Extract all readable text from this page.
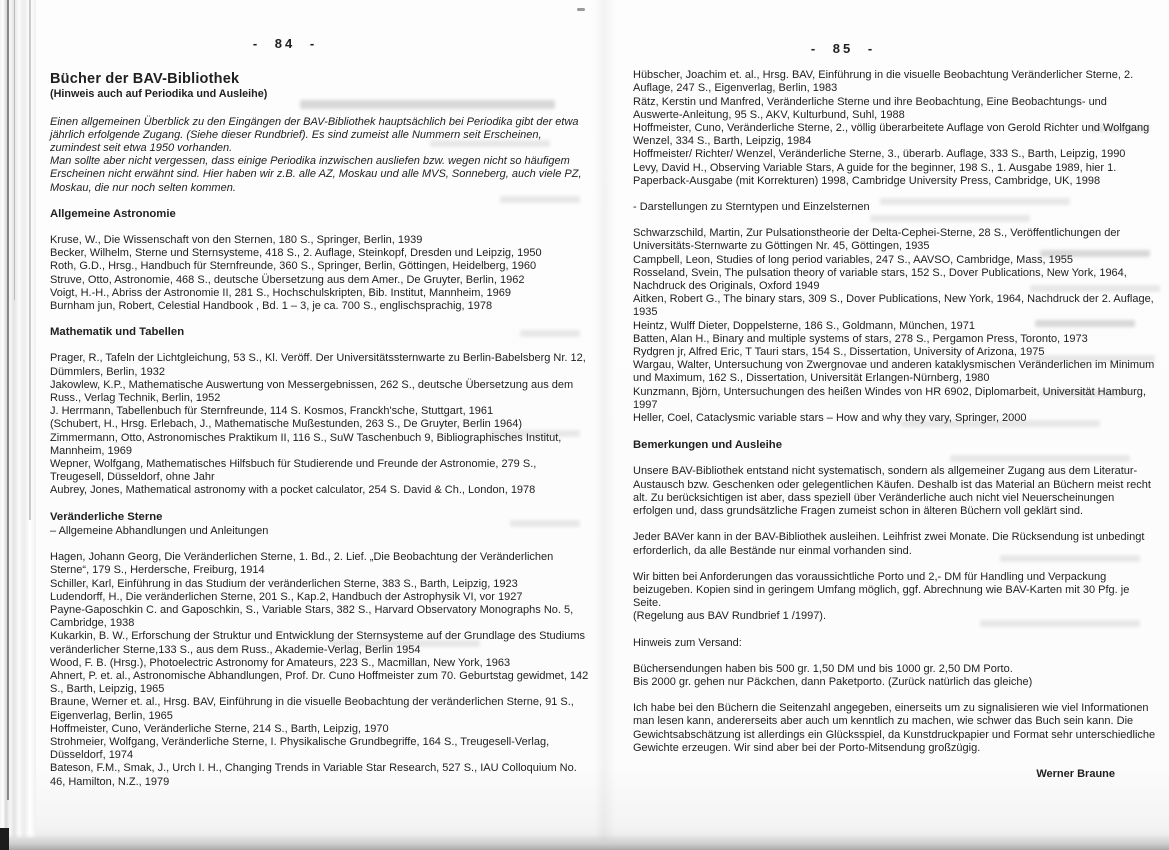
- 84 -
Bücher der BAV-Bibliothek
(Hinweis auch auf Periodika und Ausleihe)

Einen allgemeinen Überblick zu den Eingängen der BAV-Bibliothek hauptsächlich bei Periodika gibt der etwa jährlich erfolgende Zugang. (Siehe dieser Rundbrief). Es sind zumeist alle Nummern seit Erscheinen, zumindest seit etwa 1950 vorhanden.

Man sollte aber nicht vergessen, dass einige Periodika inzwischen ausliefen bzw. wegen nicht so häufigem Erscheinen nicht erwähnt sind. Hier haben wir z.B. alle AZ, Moskau und alle MVS, Sonneberg, auch viele PZ, Moskau, die nur noch selten kommen.

Allgemeine Astronomie
Kruse, W., Die Wissenschaft von den Sternen, 180 S., Springer, Berlin, 1939
Becker, Wilhelm, Sterne und Sternsysteme, 418 S., 2. Auflage, Steinkopf, Dresden und Leipzig, 1950
Roth, G.D., Hrsg., Handbuch für Sternfreunde, 360 S., Springer, Berlin, Göttingen, Heidelberg, 1960
Struve, Otto, Astronomie, 468 S., deutsche Übersetzung aus dem Amer., De Gruyter, Berlin, 1962
Voigt, H.-H., Abriss der Astronomie II, 281 S., Hochschulskripten, Bib. Institut, Mannheim, 1969
Burnham jun, Robert, Celestial Handbook , Bd. 1 – 3, je ca. 700 S., englischsprachig, 1978
Mathematik und Tabellen
Prager, R., Tafeln der Lichtgleichung, 53 S., Kl. Veröff. Der Universitätssternwarte zu Berlin-Babelsberg Nr. 12, Dümmlers, Berlin, 1932
Jakowlew, K.P., Mathematische Auswertung von Messergebnissen, 262 S., deutsche Übersetzung aus dem Russ., Verlag Technik, Berlin, 1952
J. Herrmann, Tabellenbuch für Sternfreunde, 114 S. Kosmos, Franckh'sche, Stuttgart, 1961
(Schubert, H., Hrsg. Erlebach, J., Mathematische Mußestunden, 263 S., De Gruyter, Berlin 1964)
Zimmermann, Otto, Astronomisches Praktikum II, 116 S., SuW Taschenbuch 9, Bibliographisches Institut, Mannheim, 1969
Wepner, Wolfgang, Mathematisches Hilfsbuch für Studierende und Freunde der Astronomie, 279 S., Treugesell, Düsseldorf, ohne Jahr
Aubrey, Jones, Mathematical astronomy with a pocket calculator, 254 S. David & Ch., London, 1978
Veränderliche Sterne
– Allgemeine Abhandlungen und Anleitungen
Hagen, Johann Georg, Die Veränderlichen Sterne, 1. Bd., 2. Lief. „Die Beobachtung der Veränderlichen Sterne“, 179 S., Herdersche, Freiburg, 1914
Schiller, Karl, Einführung in das Studium der veränderlichen Sterne, 383 S., Barth, Leipzig, 1923
Ludendorff, H., Die veränderlichen Sterne, 201 S., Kap.2, Handbuch der Astrophysik VI, vor 1927
Payne-Gaposchkin C. and Gaposchkin, S., Variable Stars, 382 S., Harvard Observatory Monographs No. 5, Cambridge, 1938
Kukarkin, B. W., Erforschung der Struktur und Entwicklung der Sternsysteme auf der Grundlage des Studiums veränderlicher Sterne,133 S., aus dem Russ., Akademie-Verlag, Berlin 1954
Wood, F. B. (Hrsg.), Photoelectric Astronomy for Amateurs, 223 S., Macmillan, New York, 1963
Ahnert, P. et. al., Astronomische Abhandlungen, Prof. Dr. Cuno Hoffmeister zum 70. Geburtstag gewidmet, 142 S., Barth, Leipzig, 1965
Braune, Werner et. al., Hrsg. BAV, Einführung in die visuelle Beobachtung der veränderlichen Sterne, 91 S., Eigenverlag, Berlin, 1965
Hoffmeister, Cuno, Veränderliche Sterne, 214 S., Barth, Leipzig, 1970
Strohmeier, Wolfgang, Veränderliche Sterne, I. Physikalische Grundbegriffe, 164 S., Treugesell-Verlag, Düsseldorf, 1974
Bateson, F.M., Smak, J., Urch I. H., Changing Trends in Variable Star Research, 527 S., IAU Colloquium No. 46, Hamilton, N.Z., 1979
- 85 -
Hübscher, Joachim et. al., Hrsg. BAV, Einführung in die visuelle Beobachtung Veränderlicher Sterne, 2. Auflage, 247 S., Eigenverlag, Berlin, 1983
Rätz, Kerstin und Manfred, Veränderliche Sterne und ihre Beobachtung, Eine Beobachtungs- und Auswerte-Anleitung, 95 S., AKV, Kulturbund, Suhl, 1988
Hoffmeister, Cuno, Veränderliche Sterne, 2., völlig überarbeitete Auflage von Gerold Richter und Wolfgang Wenzel, 334 S., Barth, Leipzig, 1984
Hoffmeister/ Richter/ Wenzel, Veränderliche Sterne, 3., überarb. Auflage, 333 S., Barth, Leipzig, 1990
Levy, David H., Observing Variable Stars, A guide for the beginner, 198 S., 1. Ausgabe 1989, hier 1. Paperback-Ausgabe (mit Korrekturen) 1998, Cambridge University Press, Cambridge, UK, 1998
- Darstellungen zu Sterntypen und Einzelsternen
Schwarzschild, Martin, Zur Pulsationstheorie der Delta-Cephei-Sterne, 28 S., Veröffentlichungen der Universitäts-Sternwarte zu Göttingen Nr. 45, Göttingen, 1935
Campbell, Leon, Studies of long period variables, 247 S., AAVSO, Cambridge, Mass, 1955
Rosseland, Svein, The pulsation theory of variable stars, 152 S., Dover Publications, New York, 1964, Nachdruck des Originals, Oxford 1949
Aitken, Robert G., The binary stars, 309 S., Dover Publications, New York, 1964, Nachdruck der 2. Auflage, 1935
Heintz, Wulff Dieter, Doppelsterne, 186 S., Goldmann, München, 1971
Batten, Alan H., Binary and multiple systems of stars, 278 S., Pergamon Press, Toronto, 1973
Rydgren jr, Alfred Eric, T Tauri stars, 154 S., Dissertation, University of Arizona, 1975
Wargau, Walter, Untersuchung von Zwergnovae und anderen kataklysmischen Veränderlichen im Minimum und Maximum, 162 S., Dissertation, Universität Erlangen-Nürnberg, 1980
Kunzmann, Björn, Untersuchungen des heißen Windes von HR 6902, Diplomarbeit, Universität Hamburg, 1997
Heller, Coel, Cataclysmic variable stars – How and why they vary, Springer, 2000
Bemerkungen und Ausleihe

Unsere BAV-Bibliothek entstand nicht systematisch, sondern als allgemeiner Zugang aus dem Literatur-Austausch bzw. Geschenken oder gelegentlichen Käufen. Deshalb ist das Material an Büchern meist recht alt. Zu berücksichtigen ist aber, dass speziell über Veränderliche auch nicht viel Neuerscheinungen erfolgen und, dass grundsätzliche Fragen zumeist schon in älteren Büchern voll geklärt sind.

Jeder BAVer kann in der BAV-Bibliothek ausleihen. Leihfrist zwei Monate. Die Rücksendung ist unbedingt erforderlich, da alle Bestände nur einmal vorhanden sind.

Wir bitten bei Anforderungen das voraussichtliche Porto und 2,- DM für Handling und Verpackung beizugeben. Kopien sind in geringem Umfang möglich, ggf. Abrechnung wie BAV-Karten mit 30 Pfg. je Seite.

(Regelung aus BAV Rundbrief 1 /1997).

Hinweis zum Versand:

Büchersendungen haben bis 500 gr. 1,50 DM und bis 1000 gr. 2,50 DM Porto.

Bis 2000 gr. gehen nur Päckchen, dann Paketporto. (Zurück natürlich das gleiche)

Ich habe bei den Büchern die Seitenzahl angegeben, einerseits um zu signalisieren wie viel Informationen man lesen kann, andererseits aber auch um kenntlich zu machen, wie schwer das Buch sein kann. Die Gewichtsabschätzung ist allerdings ein Glücksspiel, da Kunstdruckpapier und Format sehr unterschiedliche Gewichte erzeugen. Wir sind aber bei der Porto-Mitsendung großzügig.

Werner Braune
